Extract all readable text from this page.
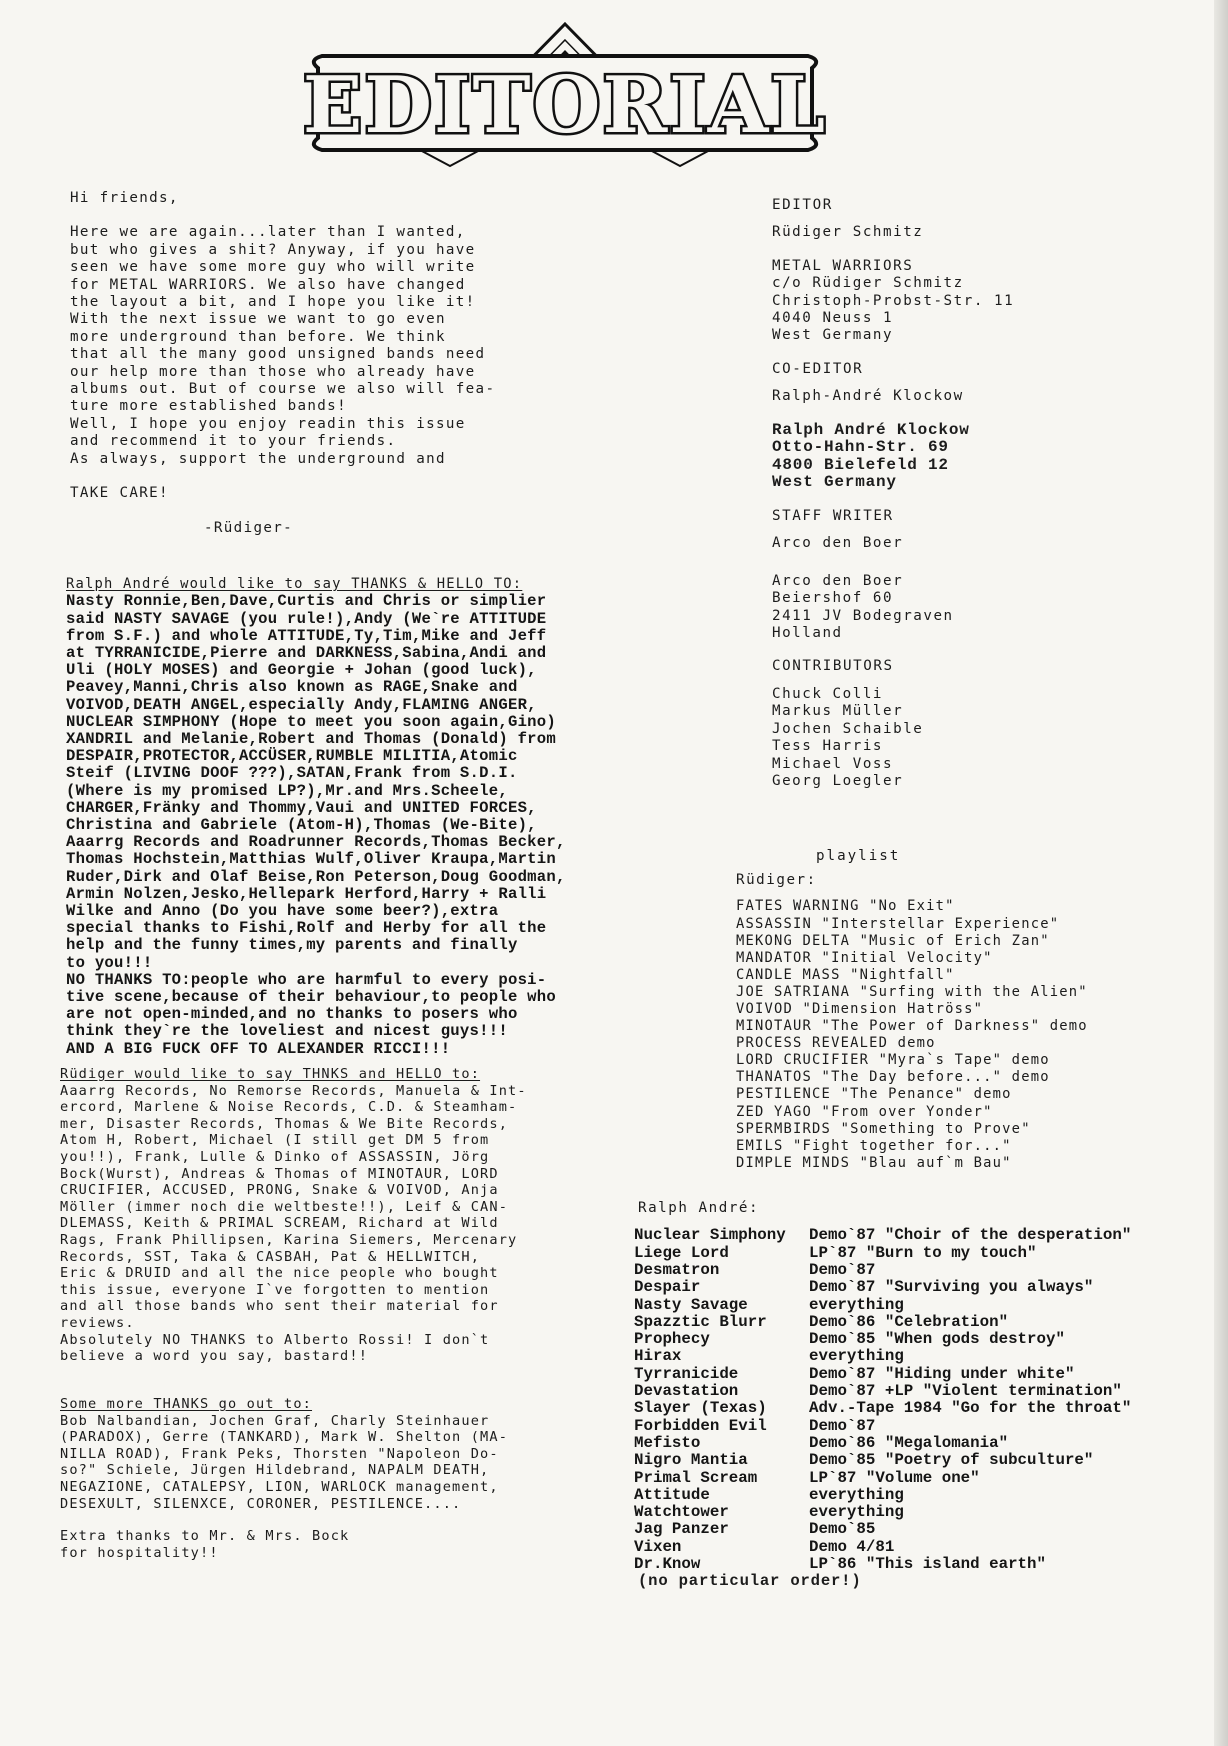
EDITORIAL

Hi friends,

Here we are again...later than I wanted,
but who gives a shit? Anyway, if you have
seen we have some more guy who will write
for METAL WARRIORS. We also have changed
the layout a bit, and I hope you like it!
With the next issue we want to go even
more underground than before. We think
that all the many good unsigned bands need
our help more than those who already have
albums out. But of course we also will fea-
ture more established bands!
Well, I hope you enjoy readin this issue
and recommend it to your friends.
As always, support the underground and

TAKE CARE!

-Rüdiger-

Ralph André would like to say THANKS & HELLO TO:

Nasty Ronnie,Ben,Dave,Curtis and Chris or simplier
said NASTY SAVAGE (you rule!),Andy (We`re ATTITUDE
from S.F.) and whole ATTITUDE,Ty,Tim,Mike and Jeff
at TYRRANICIDE,Pierre and DARKNESS,Sabina,Andi and
Uli (HOLY MOSES) and Georgie + Johan (good luck),
Peavey,Manni,Chris also known as RAGE,Snake and
VOIVOD,DEATH ANGEL,especially Andy,FLAMING ANGER,
NUCLEAR SIMPHONY (Hope to meet you soon again,Gino)
XANDRIL and Melanie,Robert and Thomas (Donald) from
DESPAIR,PROTECTOR,ACCÜSER,RUMBLE MILITIA,Atomic
Steif (LIVING DOOF ???),SATAN,Frank from S.D.I.
(Where is my promised LP?),Mr.and Mrs.Scheele,
CHARGER,Fränky and Thommy,Vaui and UNITED FORCES,
Christina and Gabriele (Atom-H),Thomas (We-Bite),
Aaarrg Records and Roadrunner Records,Thomas Becker,
Thomas Hochstein,Matthias Wulf,Oliver Kraupa,Martin
Ruder,Dirk and Olaf Beise,Ron Peterson,Doug Goodman,
Armin Nolzen,Jesko,Hellepark Herford,Harry + Ralli
Wilke and Anno (Do you have some beer?),extra
special thanks to Fishi,Rolf and Herby for all the
help and the funny times,my parents and finally
to you!!!

NO THANKS TO:people who are harmful to every posi-
tive scene,because of their behaviour,to people who
are not open-minded,and no thanks to posers who
think they`re the loveliest and nicest guys!!!
AND A BIG FUCK OFF TO ALEXANDER RICCI!!!

Rüdiger would like to say THNKS and HELLO to:

Aaarrg Records, No Remorse Records, Manuela & Int-
ercord, Marlene & Noise Records, C.D. & Steamham-
mer, Disaster Records, Thomas & We Bite Records,
Atom H, Robert, Michael (I still get DM 5 from
you!!), Frank, Lulle & Dinko of ASSASSIN, Jörg
Bock(Wurst), Andreas & Thomas of MINOTAUR, LORD
CRUCIFIER, ACCUSED, PRONG, Snake & VOIVOD, Anja
Möller (immer noch die weltbeste!!), Leif & CAN-
DLEMASS, Keith & PRIMAL SCREAM, Richard at Wild
Rags, Frank Phillipsen, Karina Siemers, Mercenary
Records, SST, Taka & CASBAH, Pat & HELLWITCH,
Eric & DRUID and all the nice people who bought
this issue, everyone I`ve forgotten to mention
and all those bands who sent their material for
reviews.
Absolutely NO THANKS to Alberto Rossi! I don`t
believe a word you say, bastard!!

Some more THANKS go out to:

Bob Nalbandian, Jochen Graf, Charly Steinhauer
(PARADOX), Gerre (TANKARD), Mark W. Shelton (MA-
NILLA ROAD), Frank Peks, Thorsten "Napoleon Do-
so?" Schiele, Jürgen Hildebrand, NAPALM DEATH,
NEGAZIONE, CATALEPSY, LION, WARLOCK management,
DESEXULT, SILENXCE, CORONER, PESTILENCE....

Extra thanks to Mr. & Mrs. Bock
for hospitality!!

EDITOR
Rüdiger Schmitz
METAL WARRIORS
c/o Rüdiger Schmitz
Christoph-Probst-Str. 11
4040 Neuss 1
West Germany
CO-EDITOR
Ralph-André Klockow
Ralph André Klockow
Otto-Hahn-Str. 69
4800 Bielefeld 12
West Germany
STAFF WRITER
Arco den Boer
Arco den Boer
Beiershof 60
2411 JV Bodegraven
Holland
CONTRIBUTORS
Chuck Colli
Markus Müller
Jochen Schaible
Tess Harris
Michael Voss
Georg Loegler
playlist
Rüdiger:
FATES WARNING "No Exit"
ASSASSIN "Interstellar Experience"
MEKONG DELTA "Music of Erich Zan"
MANDATOR "Initial Velocity"
CANDLE MASS "Nightfall"
JOE SATRIANA "Surfing with the Alien"
VOIVOD "Dimension Hatröss"
MINOTAUR "The Power of Darkness" demo
PROCESS REVEALED demo
LORD CRUCIFIER "Myra`s Tape" demo
THANATOS "The Day before..." demo
PESTILENCE "The Penance" demo
ZED YAGO "From over Yonder"
SPERMBIRDS "Something to Prove"
EMILS "Fight together for..."
DIMPLE MINDS "Blau auf`m Bau"
Ralph André:
Nuclear Simphony	Demo`87 "Choir of the desperation"
Liege Lord	LP`87 "Burn to my touch"
Desmatron	Demo`87
Despair	Demo`87 "Surviving you always"
Nasty Savage	everything
Spazztic Blurr	Demo`86 "Celebration"
Prophecy	Demo`85 "When gods destroy"
Hirax	everything
Tyrranicide	Demo`87 "Hiding under white"
Devastation	Demo`87 +LP "Violent termination"
Slayer (Texas)	Adv.-Tape 1984 "Go for the throat"
Forbidden Evil	Demo`87
Mefisto	Demo`86 "Megalomania"
Nigro Mantia	Demo`85 "Poetry of subculture"
Primal Scream	LP`87 "Volume one"
Attitude	everything
Watchtower	everything
Jag Panzer	Demo`85
Vixen	Demo 4/81
Dr.Know	LP`86 "This island earth"
(no particular order!)
